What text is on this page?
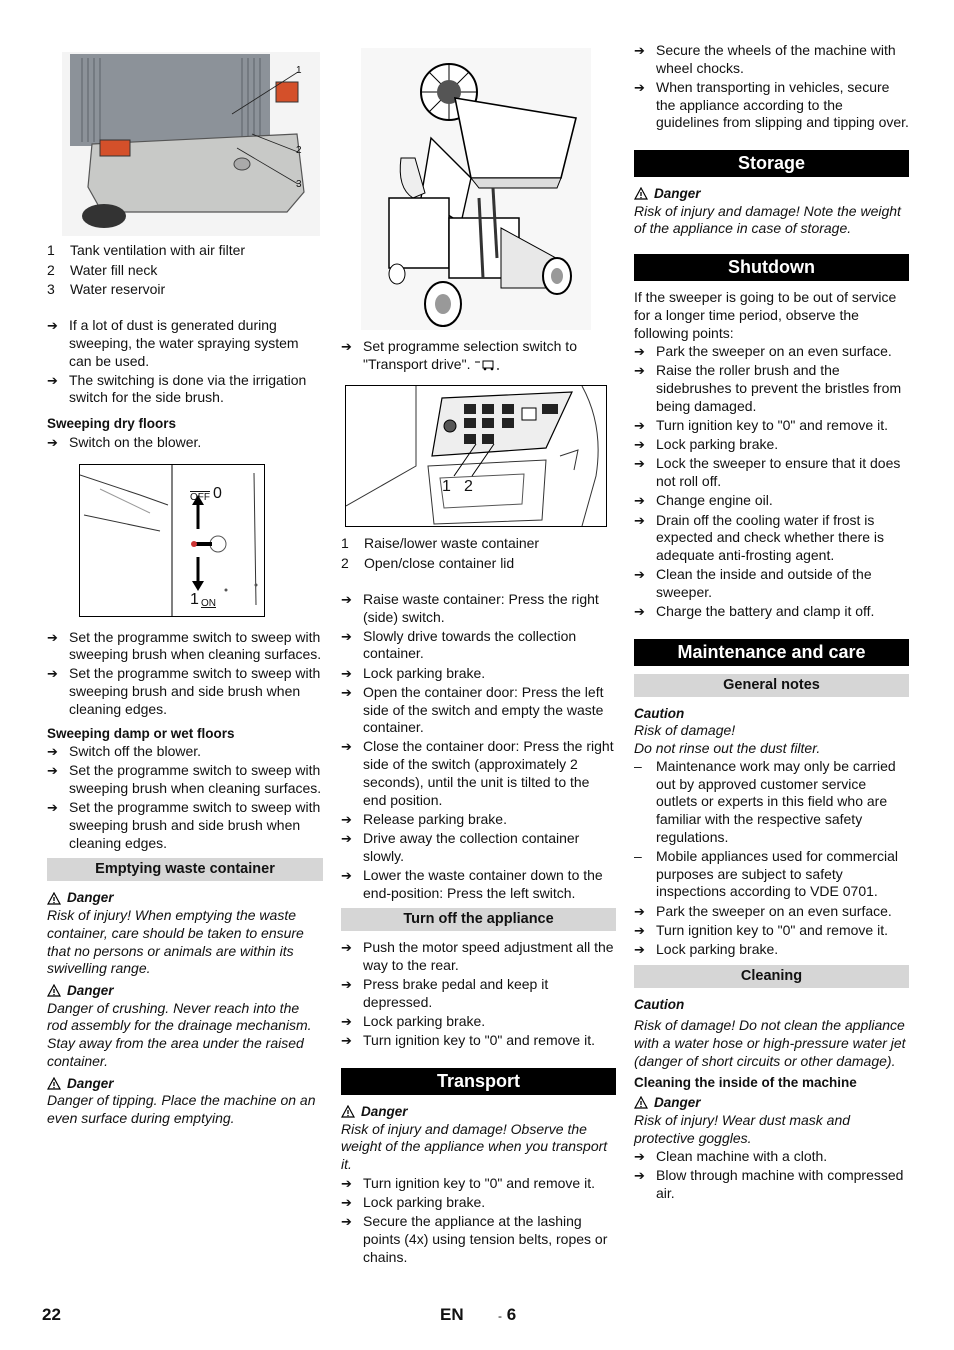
1
2
3
1	Tank ventilation with air filter
2	Water fill neck
3	Water reservoir
➔ If a lot of dust is generated during sweeping, the water spraying system can be used.
➔ The switching is done via the irrigation switch for the side brush.
Sweeping dry floors
➔ Switch on the blower.
$\overline{OFF}$ 0
1 ON
➔ Set the programme switch to sweep with sweeping brush when cleaning surfaces.
➔ Set the programme switch to sweep with sweeping brush and side brush when cleaning edges.
Sweeping damp or wet floors
➔ Switch off the blower.
➔ Set the programme switch to sweep with sweeping brush when cleaning surfaces.
➔ Set the programme switch to sweep with sweeping brush and side brush when cleaning edges.
Emptying waste container
Danger
Risk of injury! When emptying the waste container, care should be taken to ensure that no persons or animals are within its swivelling range.
Danger
Danger of crushing. Never reach into the rod assembly for the drainage mechanism. Stay away from the area under the raised container.
Danger
Danger of tipping. Place the machine on an even surface during emptying.
➔ Set programme selection switch to "Transport drive".
1 2
1	Raise/lower waste container
2	Open/close container lid
➔ Raise waste container: Press the right (side) switch.
➔ Slowly drive towards the collection container.
➔ Lock parking brake.
➔ Open the container door: Press the left side of the switch and empty the waste container.
➔ Close the container door: Press the right side of the switch (approximately 2 seconds), until the unit is tilted to the end position.
➔ Release parking brake.
➔ Drive away the collection container slowly.
➔ Lower the waste container down to the end-position: Press the left switch.
Turn off the appliance
➔ Push the motor speed adjustment all the way to the rear.
➔ Press brake pedal and keep it depressed.
➔ Lock parking brake.
➔ Turn ignition key to "0" and remove it.
Transport
Danger
Risk of injury and damage! Observe the weight of the appliance when you transport it.
➔ Turn ignition key to "0" and remove it.
➔ Lock parking brake.
➔ Secure the appliance at the lashing points (4x) using tension belts, ropes or chains.
➔ Secure the wheels of the machine with wheel chocks.
➔ When transporting in vehicles, secure the appliance according to the guidelines from slipping and tipping over.
Storage
Danger
Risk of injury and damage! Note the weight of the appliance in case of storage.
Shutdown
If the sweeper is going to be out of service for a longer time period, observe the following points:
➔ Park the sweeper on an even surface.
➔ Raise the roller brush and the sidebrushes to prevent the bristles from being damaged.
➔ Turn ignition key to "0" and remove it.
➔ Lock parking brake.
➔ Lock the sweeper to ensure that it does not roll off.
➔ Change engine oil.
➔ Drain off the cooling water if frost is expected and check whether there is adequate anti-frosting agent.
➔ Clean the inside and outside of the sweeper.
➔ Charge the battery and clamp it off.
Maintenance and care
General notes
Caution
Risk of damage!
Do not rinse out the dust filter.
–	Maintenance work may only be carried out by approved customer service outlets or experts in this field who are familiar with the respective safety regulations.
–	Mobile appliances used for commercial purposes are subject to safety inspections according to VDE 0701.
➔ Park the sweeper on an even surface.
➔ Turn ignition key to "0" and remove it.
➔ Lock parking brake.
Cleaning
Caution
Risk of damage! Do not clean the appliance with a water hose or high-pressure water jet (danger of short circuits or other damage).
Cleaning the inside of the machine
Danger
Risk of injury! Wear dust mask and protective goggles.
➔ Clean machine with a cloth.
➔ Blow through machine with compressed air.
22	EN	- 6
